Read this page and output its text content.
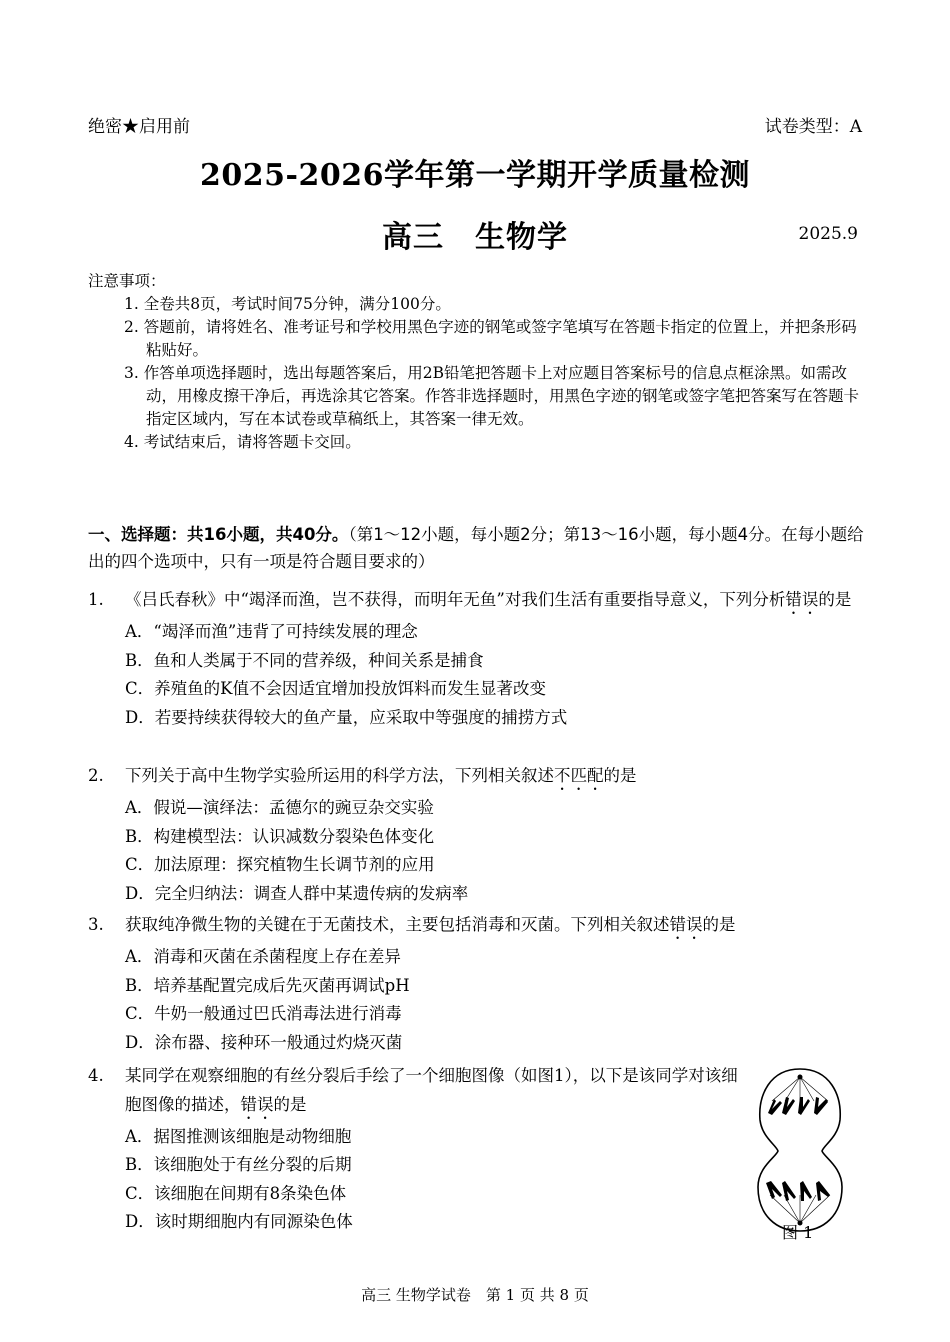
绝密★启用前	试卷类型：A
2025-2026学年第一学期开学质量检测
高三　生物学	2025.9
注意事项：
1. 全卷共8页，考试时间75分钟，满分100分。
2. 答题前，请将姓名、准考证号和学校用黑色字迹的钢笔或签字笔填写在答题卡指定的位置上，并把条形码粘贴好。
3. 作答单项选择题时，选出每题答案后，用2B铅笔把答题卡上对应题目答案标号的信息点框涂黑。如需改动，用橡皮擦干净后，再选涂其它答案。作答非选择题时，用黑色字迹的钢笔或签字笔把答案写在答题卡指定区域内，写在本试卷或草稿纸上，其答案一律无效。
4. 考试结束后，请将答题卡交回。
一、选择题：共16小题，共40分。（第1～12小题，每小题2分；第13～16小题，每小题4分。在每小题给出的四个选项中，只有一项是符合题目要求的）
1. 《吕氏春秋》中“竭泽而渔，岂不获得，而明年无鱼”对我们生活有重要指导意义，下列分析错误的是
A．“竭泽而渔”违背了可持续发展的理念
B．鱼和人类属于不同的营养级，种间关系是捕食
C．养殖鱼的K值不会因适宜增加投放饵料而发生显著改变
D．若要持续获得较大的鱼产量，应采取中等强度的捕捞方式
2. 下列关于高中生物学实验所运用的科学方法，下列相关叙述不匹配的是
A．假说—演绎法：孟德尔的豌豆杂交实验
B．构建模型法：认识减数分裂染色体变化
C．加法原理：探究植物生长调节剂的应用
D．完全归纳法：调查人群中某遗传病的发病率
3. 获取纯净微生物的关键在于无菌技术，主要包括消毒和灭菌。下列相关叙述错误的是
A．消毒和灭菌在杀菌程度上存在差异
B．培养基配置完成后先灭菌再调试pH
C．牛奶一般通过巴氏消毒法进行消毒
D．涂布器、接种环一般通过灼烧灭菌
4. 某同学在观察细胞的有丝分裂后手绘了一个细胞图像（如图1），以下是该同学对该细胞图像的描述，错误的是
A．据图推测该细胞是动物细胞
B．该细胞处于有丝分裂的后期
C．该细胞在间期有8条染色体
D．该时期细胞内有同源染色体
图 1
高三 生物学试卷　第 1 页 共 8 页
